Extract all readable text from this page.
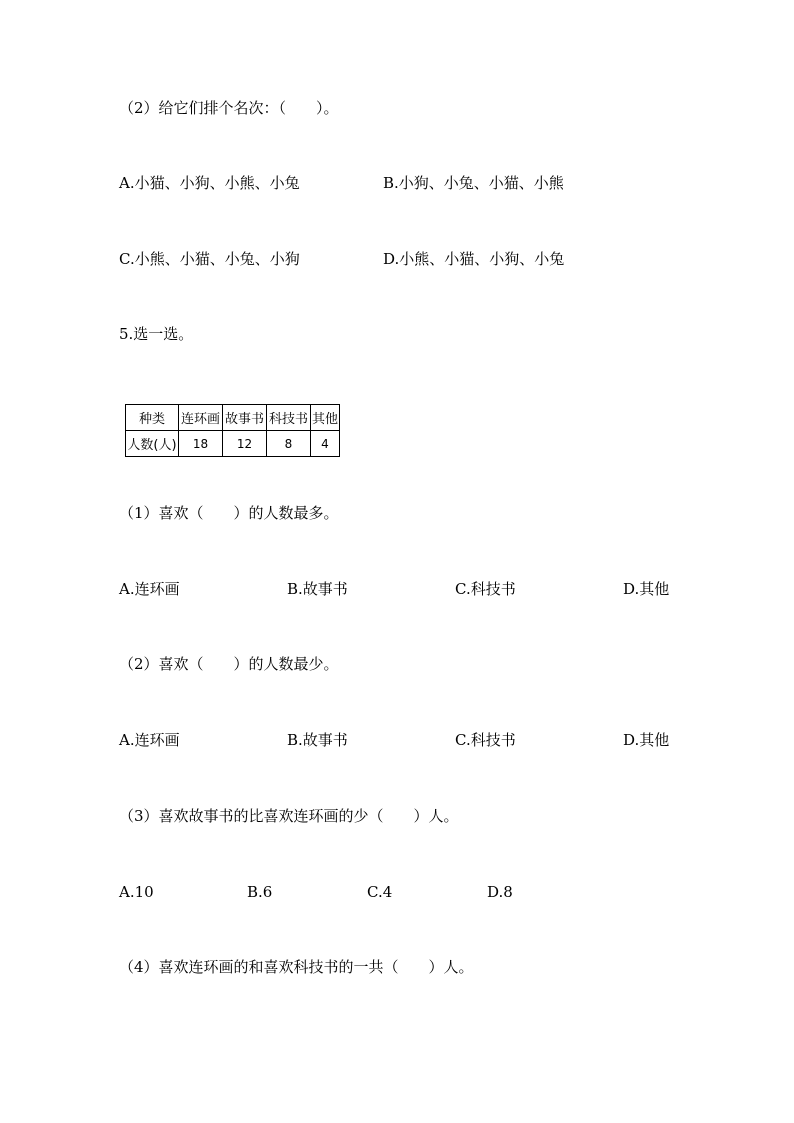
（2）给它们排个名次：（　　）。
A.小猫、小狗、小熊、小兔	B.小狗、小兔、小猫、小熊
C.小熊、小猫、小兔、小狗	D.小熊、小猫、小狗、小兔
5.选一选。
种类	连环画	故事书	科技书	其他
人数(人)	18	12	8	4
（1）喜欢（　　）的人数最多。
A.连环画	B.故事书	C.科技书	D.其他
（2）喜欢（　　）的人数最少。
A.连环画	B.故事书	C.科技书	D.其他
（3）喜欢故事书的比喜欢连环画的少（　　）人。
A.10	B.6	C.4	D.8
（4）喜欢连环画的和喜欢科技书的一共（　　）人。
